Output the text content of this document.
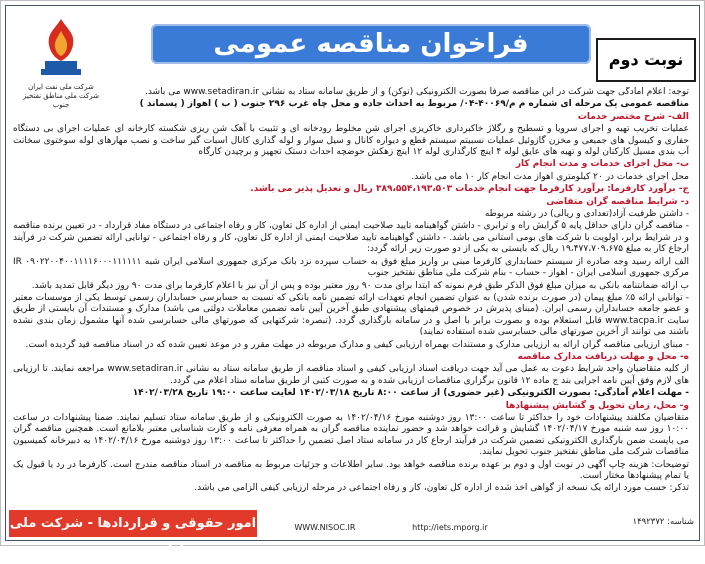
فراخوان مناقصه عمومی
نوبت دوم
شرکت ملی نفت ایران
شرکت ملی مناطق نفتخیز جنوب

توجه: اعلام آمادگی جهت شرکت در این مناقصه صرفاً بصورت الکترونیکی (توکن) و از طریق سامانه ستاد به نشانی www.setadiran.ir می باشد.

مناقصه عمومی یک مرحله ای شماره م م/۴۰۰۶۹-۰۴/ مربوط به احداث جاده و محل چاه غرب ۲۹۶ جنوب ( ب ) اهواز ( پسماند )

الف- شرح مختصر خدمات

عملیات تخریب تهیه و اجرای سرویا و تسطیح و رگلاژ خاکبرداری خاکریزی اجرای شن مخلوط رودخانه ای و تثبیت با آهک شن ریزی شکسته کارخانه ای عملیات اجرای بی دستگاه حفاری و کیسول های جمبعی و مخزن گازوئیل عملیات نسبیتم سیستم قطع و دیواره کانال و سیل سوار و لوله گذاری کانال اسبات گیر ساخت و نصب مهارهای لوله سوختوی سخانت آب بندی مسیل کارکنان لوله و تهیه های عایق لوله ۴ اینچ کارگذاری لوله ۱۲ اینچ زهکش حوضچه احداث دستک تجهیز و برچیدن کارگاه

ب- محل اجرای خدمات و مدت انجام کار

محل اجرای خدمات در ۲۰ کیلومتری اهواز مدت انجام کار ۱۰ ماه می باشد.

ج- برآورد کارفرما: برآورد کارفرما جهت انجام خدمات ۳۸۹،۵۵۴،۱۹۳،۵۰۳ ریال و تعدیل پذیر می باشد.

د- شرایط مناقصه گران متقاضی

- داشتن ظرفیت آزاد(تعدادی و ریالی) در رشته مربوطه

- مناقصه گران دارای حداقل پایه ۵ گرایش راه و ترابری - داشتن گواهینامه تایید صلاحیت ایمنی از اداره کل تعاون، کار و رفاه اجتماعی در دستگاه مفاد قرارداد - در تعیین برنده مناقصه و در شرایط برابر، اولویت با شرکت های بومی استانی می باشد. - داشتن گواهینامه تایید صلاحیت ایمنی از اداره کل تعاون، کار و رفاه اجتماعی - توانایی ارائه تضمین شرکت در فرآیند ارجاع کار به مبلغ ۱۹،۴۷۷،۷۰۹،۶۷۵ ریال که بایستی به یکی از دو صورت زیر ارائه گردد:

الف ارائه رسید وجه صادره از سیستم حسابداری کارفرما مبنی بر واریز مبلغ فوق به حساب سپرده نزد بانک مرکزی جمهوری اسلامی ایران شبه IR ۰۹۰۲۲۰۰۴۰۰۱۱۱۱۶۰۰۰۱۱۱۱۱۱ مرکزی جمهوری اسلامی ایران - اهواز - حساب - بنام شرکت ملی مناطق نفتخیز جنوب

ب ارائه ضمانتنامه بانکی به میزان مبلغ فوق الذکر طبق فرم نمونه که ابتدا برای مدت ۹۰ روز معتبر بوده و پس از آن نیز با اعلام کارفرما برای مدت ۹۰ روز دیگر قابل تمدید باشد.

- توانایی ارائه ۵٪ مبلغ پیمان (در صورت برنده شدن) به عنوان تضمین انجام تعهدات ارائه تضمین نامه بانکی که نسبت به حسابرسی حسابداران رسمی توسط یکی از موسسات معتبر و عضو جامعه حسابداران رسمی ایران. (مبنای پذیرش در خصوص قیمتهای پیشنهادی طبق آخرین آیین نامه تضمین معاملات دولتی می باشد) مدارک و مستندات آن بایستی از طریق سایت www.tacpa.ir قابل استعلام بوده و بصورت برابر با اصل و در سامانه بارگذاری گردد. (تبصره: شرکتهایی که صورتهای مالی حسابرسی شده آنها مشمول زمان بندی نشده باشند می توانند از آخرین صورتهای مالی حسابرسی شده استفاده نمایند)

- مبنای ارزیابی مناقصه گران ارائه به ارزیابی مدارک و مستندات بهمراه ارزیابی کیفی و مدارک مربوطه در مهلت مقرر و در موعد تعیین شده که در اسناد مناقصه قید گردیده است.

ه- محل و مهلت دریافت مدارک مناقصه

از کلیه متقاضیان واجد شرایط دعوت به عمل می آید جهت دریافت اسناد ارزیابی کیفی و اسناد مناقصه از طریق سامانه ستاد به نشانی www.setadiran.ir مراجعه نمایند. تا ارزیابی های لازم وفق آیین نامه اجرایی بند ج ماده ۱۲ قانون برگزاری مناقصات ارزیابی شده و به صورت کتبی از طریق سامانه ستاد اعلام می گردد.

- مهلت اعلام آمادگی: بصورت الکترونیکی (غیر حضوری) از ساعت ۸:۰۰ تاریخ ۱۴۰۲/۰۳/۱۸ لغایت ساعت ۱۹:۰۰ تاریخ ۱۴۰۲/۰۳/۲۸

و- محل، زمان تحویل و گشایش پیشنهادها

متقاضیان مکلفند پیشنهادات خود را حداکثر تا ساعت ۱۳:۰۰ روز دوشنبه مورخ ۱۴۰۲/۰۴/۱۶ به صورت الکترونیکی و از طریق سامانه ستاد تسلیم نمایند. ضمنا پیشنهادات در ساعت ۱۰:۰۰ روز سه شنبه مورخ ۱۴۰۲/۰۴/۱۷ گشایش و قرائت خواهد شد و حضور نماینده مناقصه گران به همراه معرفی نامه و کارت شناسایی معتبر بلامانع است. همچنین مناقصه گران می بایست ضمن بارگذاری الکترونیکی تضمین شرکت در فرآیند ارجاع کار در سامانه ستاد اصل تضمین را حداکثر تا ساعت ۱۳:۰۰ روز دوشنبه مورخ ۱۴۰۲/۰۴/۱۶ به دبیرخانه کمیسیون مناقصات شرکت ملی مناطق نفتخیز جنوب تحویل نمایند.

توضیحات: هزینه چاپ آگهی در نوبت اول و دوم بر عهده برنده مناقصه خواهد بود. سایر اطلاعات و جزئیات مربوط به مناقصه در اسناد مناقصه مندرج است. کارفرما در رد یا قبول یک یا تمام پیشنهادها مختار است.

تذکر: حسب مورد ارائه یک نسخه از گواهی اخذ شده از اداره کل تعاون، کار و رفاه اجتماعی در مرحله ارزیابی کیفی الزامی می باشد.

امور حقوقی و قراردادها - شرکت ملی مناطق نفتخیز جنوب
WWW.NISOC.IR	http://iets.mporg.ir
شناسه: ۱۴۹۲۳۷۲
